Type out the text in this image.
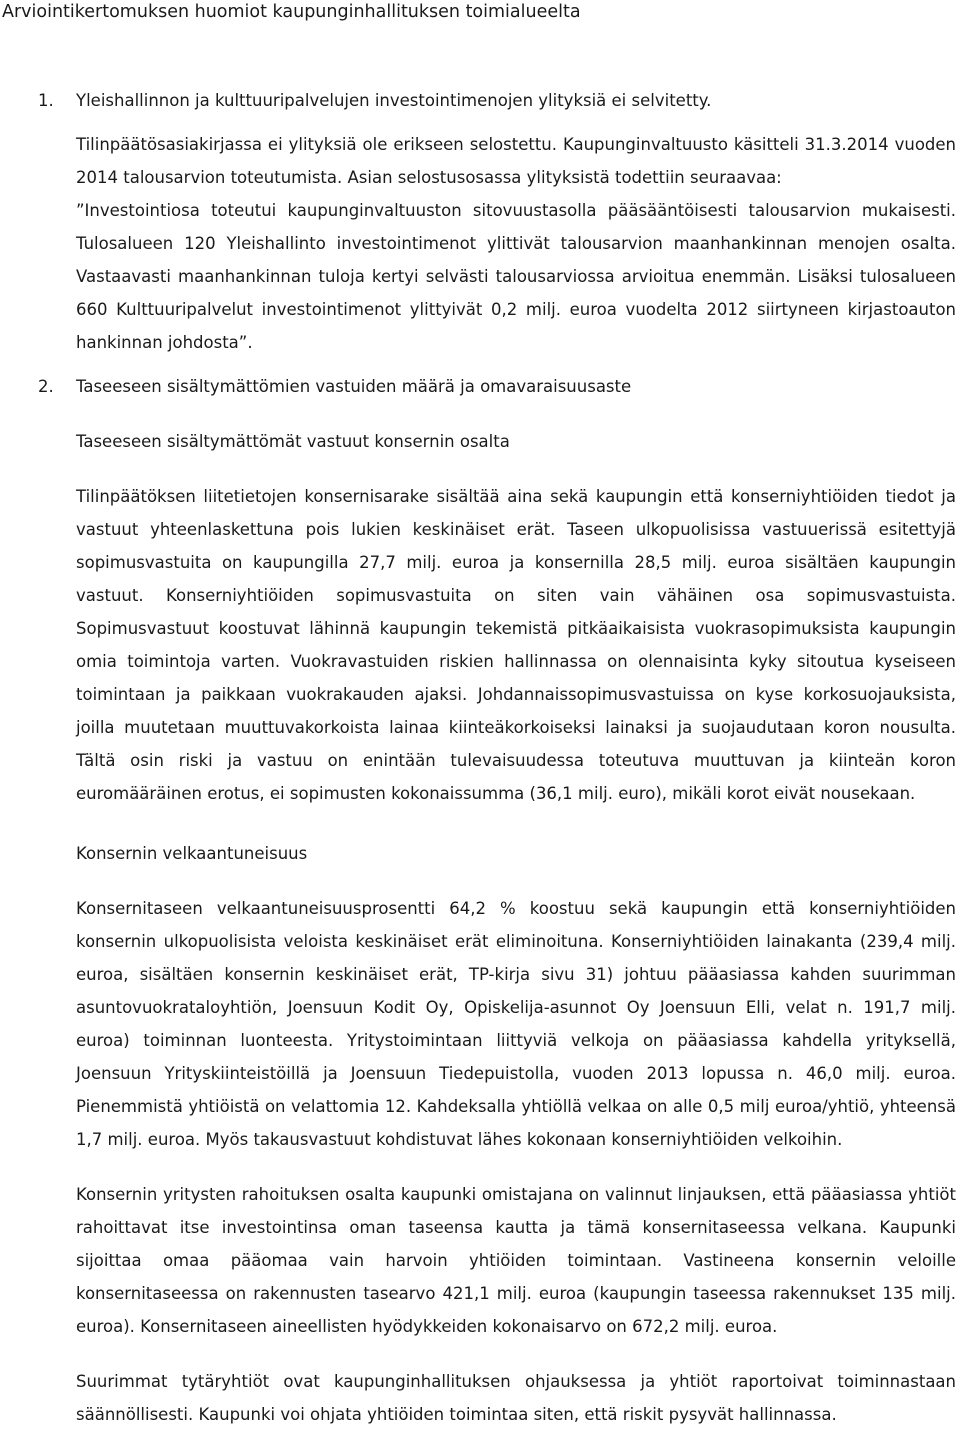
Arviointikertomuksen huomiot kaupunginhallituksen toimialueelta
1. Yleishallinnon ja kulttuuripalvelujen investointimenojen ylityksiä ei selvitetty.

Tilinpäätösasiakirjassa ei ylityksiä ole erikseen selostettu. Kaupunginvaltuusto käsitteli 31.3.2014 vuoden 2014 talousarvion toteutumista. Asian selostusosassa ylityksistä todettiin seuraavaa:

”Investointiosa toteutui kaupunginvaltuuston sitovuustasolla pääsääntöisesti talousarvion mukaisesti. Tulosalueen 120 Yleishallinto investointimenot ylittivät talousarvion maanhankinnan menojen osalta. Vastaavasti maanhankinnan tuloja kertyi selvästi talousarviossa arvioitua enemmän. Lisäksi tulosalueen 660 Kulttuuripalvelut investointimenot ylittyivät 0,2 milj. euroa vuodelta 2012 siirtyneen kirjastoauton hankinnan johdosta”.

2. Taseeseen sisältymättömien vastuiden määrä ja omavaraisuusaste

Taseeseen sisältymättömät vastuut konsernin osalta

Tilinpäätöksen liitetietojen konsernisarake sisältää aina sekä kaupungin että konserniyhtiöiden tiedot ja vastuut yhteenlaskettuna pois lukien keskinäiset erät. Taseen ulkopuolisissa vastuuerissä esitettyjä sopimusvastuita on kaupungilla 27,7 milj. euroa ja konsernilla 28,5 milj. euroa sisältäen kaupungin vastuut. Konserniyhtiöiden sopimusvastuita on siten vain vähäinen osa sopimusvastuista. Sopimusvastuut koostuvat lähinnä kaupungin tekemistä pitkäaikaisista vuokrasopimuksista kaupungin omia toimintoja varten. Vuokravastuiden riskien hallinnassa on olennaisinta kyky sitoutua kyseiseen toimintaan ja paikkaan vuokrakauden ajaksi. Johdannaissopimusvastuissa on kyse korkosuojauksista, joilla muutetaan muuttuvakorkoista lainaa kiinteäkorkoiseksi lainaksi ja suojaudutaan koron nousulta. Tältä osin riski ja vastuu on enintään tulevaisuudessa toteutuva muuttuvan ja kiinteän koron euromääräinen erotus, ei sopimusten kokonaissumma (36,1 milj. euro), mikäli korot eivät nousekaan.

Konsernin velkaantuneisuus

Konsernitaseen velkaantuneisuusprosentti 64,2 % koostuu sekä kaupungin että konserniyhtiöiden konsernin ulkopuolisista veloista keskinäiset erät eliminoituna. Konserniyhtiöiden lainakanta (239,4 milj. euroa, sisältäen konsernin keskinäiset erät, TP-kirja sivu 31) johtuu pääasiassa kahden suurimman asuntovuokrataloyhtiön, Joensuun Kodit Oy, Opiskelija-asunnot Oy Joensuun Elli, velat n. 191,7 milj. euroa) toiminnan luonteesta. Yritystoimintaan liittyviä velkoja on pääasiassa kahdella yrityksellä, Joensuun Yrityskiinteistöillä ja Joensuun Tiedepuistolla, vuoden 2013 lopussa n. 46,0 milj. euroa. Pienemmistä yhtiöistä on velattomia 12. Kahdeksalla yhtiöllä velkaa on alle 0,5 milj euroa/yhtiö, yhteensä 1,7 milj. euroa. Myös takausvastuut kohdistuvat lähes kokonaan konserniyhtiöiden velkoihin.

Konsernin yritysten rahoituksen osalta kaupunki omistajana on valinnut linjauksen, että pääasiassa yhtiöt rahoittavat itse investointinsa oman taseensa kautta ja tämä konsernitaseessa velkana. Kaupunki sijoittaa omaa pääomaa vain harvoin yhtiöiden toimintaan. Vastineena konsernin veloille konsernitaseessa on rakennusten tasearvo 421,1 milj. euroa (kaupungin taseessa rakennukset 135 milj. euroa). Konsernitaseen aineellisten hyödykkeiden kokonaisarvo on 672,2 milj. euroa.

Suurimmat tytäryhtiöt ovat kaupunginhallituksen ohjauksessa ja yhtiöt raportoivat toiminnastaan säännöllisesti. Kaupunki voi ohjata yhtiöiden toimintaa siten, että riskit pysyvät hallinnassa.
